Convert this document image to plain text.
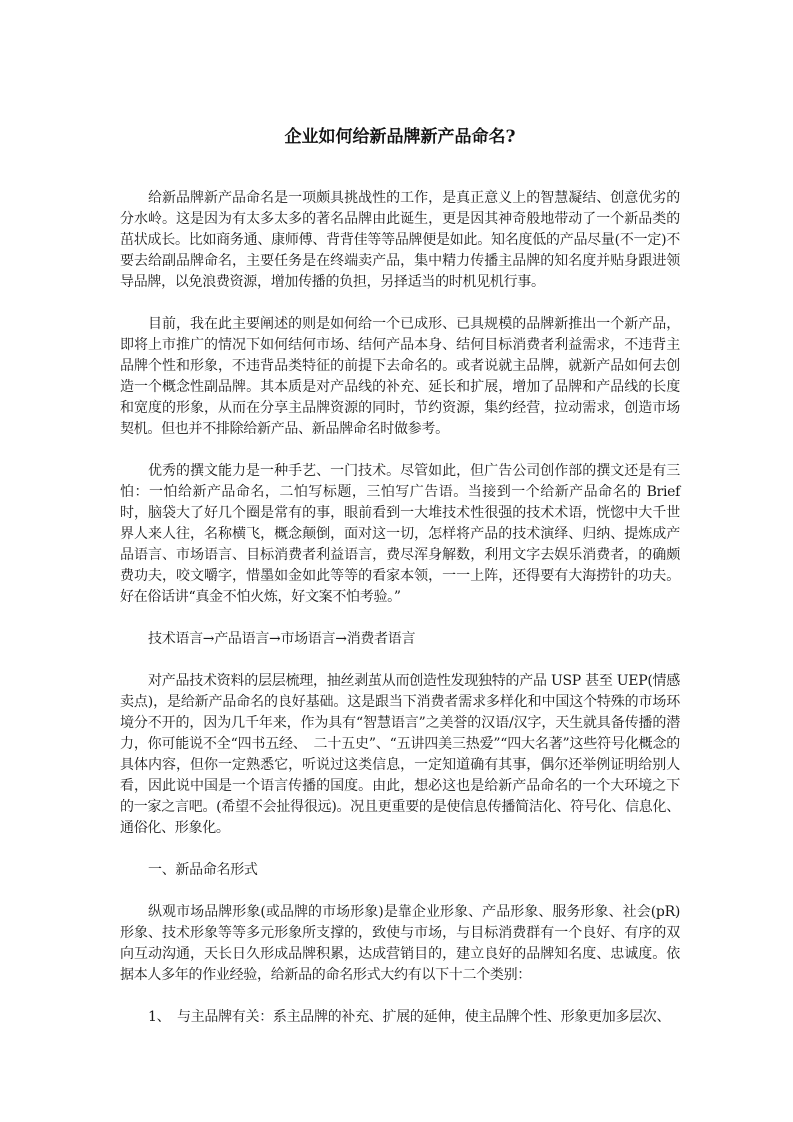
企业如何给新品牌新产品命名?

给新品牌新产品命名是一项颇具挑战性的工作，是真正意义上的智慧凝结、创意优劣的分水岭。这是因为有太多太多的著名品牌由此诞生，更是因其神奇般地带动了一个新品类的茁状成长。比如商务通、康师傅、背背佳等等品牌便是如此。知名度低的产品尽量(不一定)不要去给副品牌命名，主要任务是在终端卖产品，集中精力传播主品牌的知名度并贴身跟进领导品牌，以免浪费资源，增加传播的负担，另择适当的时机见机行事。

目前，我在此主要阐述的则是如何给一个已成形、已具规模的品牌新推出一个新产品，即将上市推广的情况下如何结何市场、结何产品本身、结何目标消费者利益需求，不违背主品牌个性和形象，不违背品类特征的前提下去命名的。或者说就主品牌，就新产品如何去创造一个概念性副品牌。其本质是对产品线的补充、延长和扩展，增加了品牌和产品线的长度和宽度的形象，从而在分享主品牌资源的同时，节约资源，集约经营，拉动需求，创造市场契机。但也并不排除给新产品、新品牌命名时做参考。

优秀的撰文能力是一种手艺、一门技术。尽管如此，但广告公司创作部的撰文还是有三怕：一怕给新产品命名，二怕写标题，三怕写广告语。当接到一个给新产品命名的 Brief 时，脑袋大了好几个圈是常有的事，眼前看到一大堆技术性很强的技术术语，恍惚中大千世界人来人往，名称横飞，概念颠倒，面对这一切，怎样将产品的技术演绎、归纳、提炼成产品语言、市场语言、目标消费者利益语言，费尽浑身解数，利用文字去娱乐消费者，的确颇费功夫，咬文嚼字，惜墨如金如此等等的看家本领，一一上阵，还得要有大海捞针的功夫。好在俗话讲“真金不怕火炼，好文案不怕考验。”

技术语言→产品语言→市场语言→消费者语言

对产品技术资料的层层梳理，抽丝剥茧从而创造性发现独特的产品 USP 甚至 UEP(情感卖点)，是给新产品命名的良好基础。这是跟当下消费者需求多样化和中国这个特殊的市场环境分不开的，因为几千年来，作为具有“智慧语言”之美誉的汉语/汉字，天生就具备传播的潜力，你可能说不全“四书五经、　二十五史”、“五讲四美三热爱”“四大名著”这些符号化概念的具体内容，但你一定熟悉它，听说过这类信息，一定知道确有其事，偶尔还举例证明给别人看，因此说中国是一个语言传播的国度。由此，想必这也是给新产品命名的一个大环境之下的一家之言吧。(希望不会扯得很远)。况且更重要的是使信息传播简洁化、符号化、信息化、通俗化、形象化。

一、新品命名形式

纵观市场品牌形象(或品牌的市场形象)是靠企业形象、产品形象、服务形象、社会(pR)形象、技术形象等等多元形象所支撑的，致使与市场，与目标消费群有一个良好、有序的双向互动沟通，天长日久形成品牌积累，达成营销目的，建立良好的品牌知名度、忠诚度。依据本人多年的作业经验，给新品的命名形式大约有以下十二个类别：

1、　与主品牌有关：系主品牌的补充、扩展的延伸，使主品牌个性、形象更加多层次、
